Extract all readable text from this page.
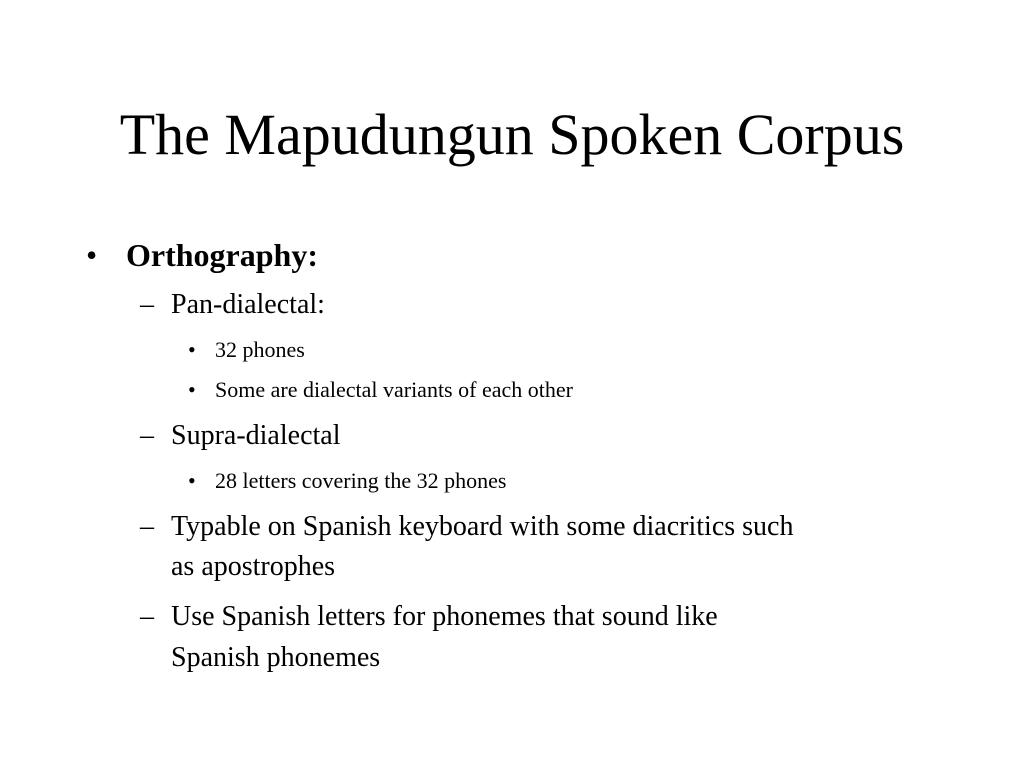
The Mapudungun Spoken Corpus
• Orthography:
– Pan-dialectal:
• 32 phones
• Some are dialectal variants of each other
– Supra-dialectal
• 28 letters covering the 32 phones
– Typable on Spanish keyboard with some diacritics such
as apostrophes
– Use Spanish letters for phonemes that sound like
Spanish phonemes
